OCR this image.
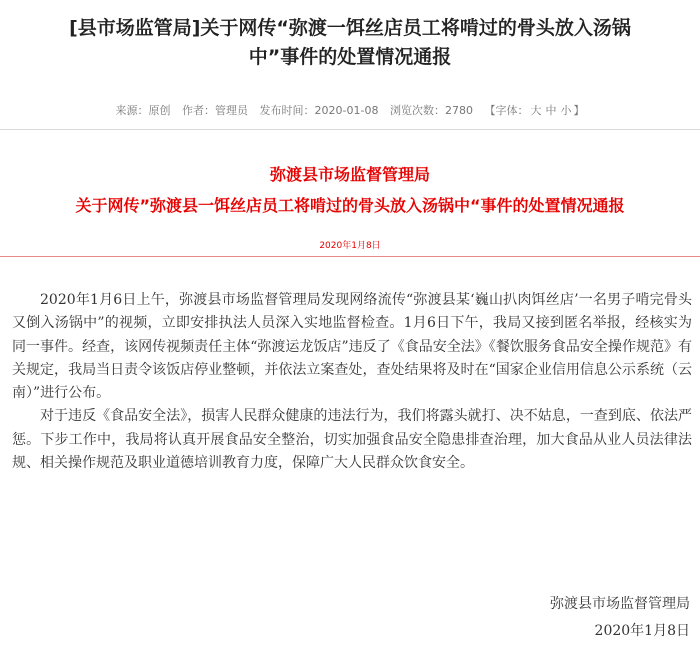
[县市场监管局]关于网传“弥渡一饵丝店员工将啃过的骨头放入汤锅
中”事件的处置情况通报
来源：原创 作者：管理员 发布时间：2020-01-08 浏览次数：2780 【字体： 大 中 小 】
弥渡县市场监督管理局
关于网传”弥渡县一饵丝店员工将啃过的骨头放入汤锅中“事件的处置情况通报
2020年1月8日

2020年1月6日上午，弥渡县市场监督管理局发现网络流传“弥渡县某‘巍山扒肉饵丝店’一名男子啃完骨头又倒入汤锅中”的视频，立即安排执法人员深入实地监督检查。1月6日下午，我局又接到匿名举报，经核实为同一事件。经查，该网传视频责任主体“弥渡运龙饭店”违反了《食品安全法》《餐饮服务食品安全操作规范》有关规定，我局当日责令该饭店停业整顿，并依法立案查处，查处结果将及时在“国家企业信用信息公示系统（云南）”进行公布。

对于违反《食品安全法》，损害人民群众健康的违法行为，我们将露头就打、决不姑息，一查到底、依法严惩。下步工作中，我局将认真开展食品安全整治，切实加强食品安全隐患排查治理，加大食品从业人员法律法规、相关操作规范及职业道德培训教育力度，保障广大人民群众饮食安全。

弥渡县市场监督管理局
2020年1月8日
